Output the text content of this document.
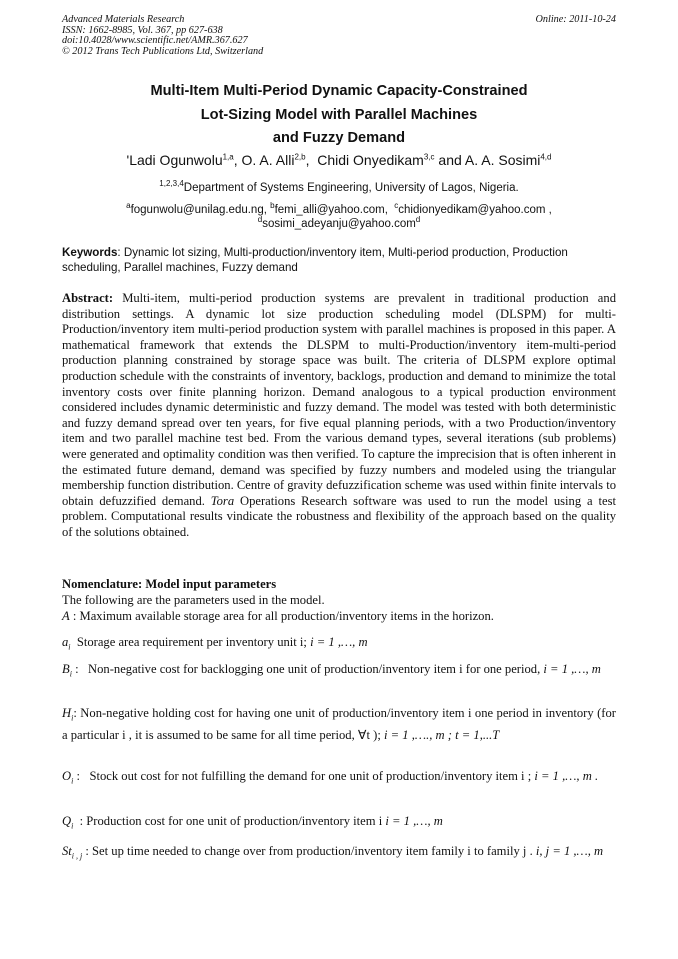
Advanced Materials Research
ISSN: 1662-8985, Vol. 367, pp 627-638
doi:10.4028/www.scientific.net/AMR.367.627
© 2012 Trans Tech Publications Ltd, Switzerland
Online: 2011-10-24
Multi-Item Multi-Period Dynamic Capacity-Constrained
Lot-Sizing Model with Parallel Machines
and Fuzzy Demand
'Ladi Ogunwolu$^{1,a}$, O. A. Alli$^{2,b}$,  Chidi Onyedikam$^{3,c}$ and A. A. Sosimi$^{4,d}$
$^{1,2,3,4}$Department of Systems Engineering, University of Lagos, Nigeria.
$^a$fogunwolu@unilag.edu.ng, $^b$femi_alli@yahoo.com,  $^c$chidionyedikam@yahoo.com ,
$^d$sosimi_adeyanju@yahoo.com$^d$
Keywords: Dynamic lot sizing, Multi-production/inventory item, Multi-period production, Production scheduling, Parallel machines, Fuzzy demand
Abstract: Multi-item, multi-period production systems are prevalent in traditional production and distribution settings. A dynamic lot size production scheduling model (DLSPM) for multi-Production/inventory item multi-period production system with parallel machines is proposed in this paper. A mathematical framework that extends the DLSPM to multi-Production/inventory item-multi-period production planning constrained by storage space was built. The criteria of DLSPM explore optimal production schedule with the constraints of inventory, backlogs, production and demand to minimize the total inventory costs over finite planning horizon. Demand analogous to a typical production environment considered includes dynamic deterministic and fuzzy demand. The model was tested with both deterministic and fuzzy demand spread over ten years, for five equal planning periods, with a two Production/inventory item and two parallel machine test bed. From the various demand types, several iterations (sub problems) were generated and optimality condition was then verified. To capture the imprecision that is often inherent in the estimated future demand, demand was specified by fuzzy numbers and modeled using the triangular membership function distribution. Centre of gravity defuzzification scheme was used within finite intervals to obtain defuzzified demand. Tora Operations Research software was used to run the model using a test problem. Computational results vindicate the robustness and flexibility of the approach based on the quality of the solutions obtained.
Nomenclature: Model input parameters
The following are the parameters used in the model.
A : Maximum available storage area for all production/inventory items in the horizon.
$a_i$ Storage area requirement per inventory unit i; i = 1 ,…, m
$B_i$ :   Non-negative cost for backlogging one unit of production/inventory item i for one period, i = 1 ,…, m
$H_i$: Non-negative holding cost for having one unit of production/inventory item i one period in inventory (for a particular i , it is assumed to be same for all time period, ∀t ); i = 1 ,…., m ; t = 1,...T
$O_i$ :   Stock out cost for not fulfilling the demand for one unit of production/inventory item i ; i = 1 ,…, m .
$Q_i$  : Production cost for one unit of production/inventory item i i = 1 ,…, m
$St_{i , j}$ : Set up time needed to change over from production/inventory item family i to family j . i, j = 1 ,…, m
